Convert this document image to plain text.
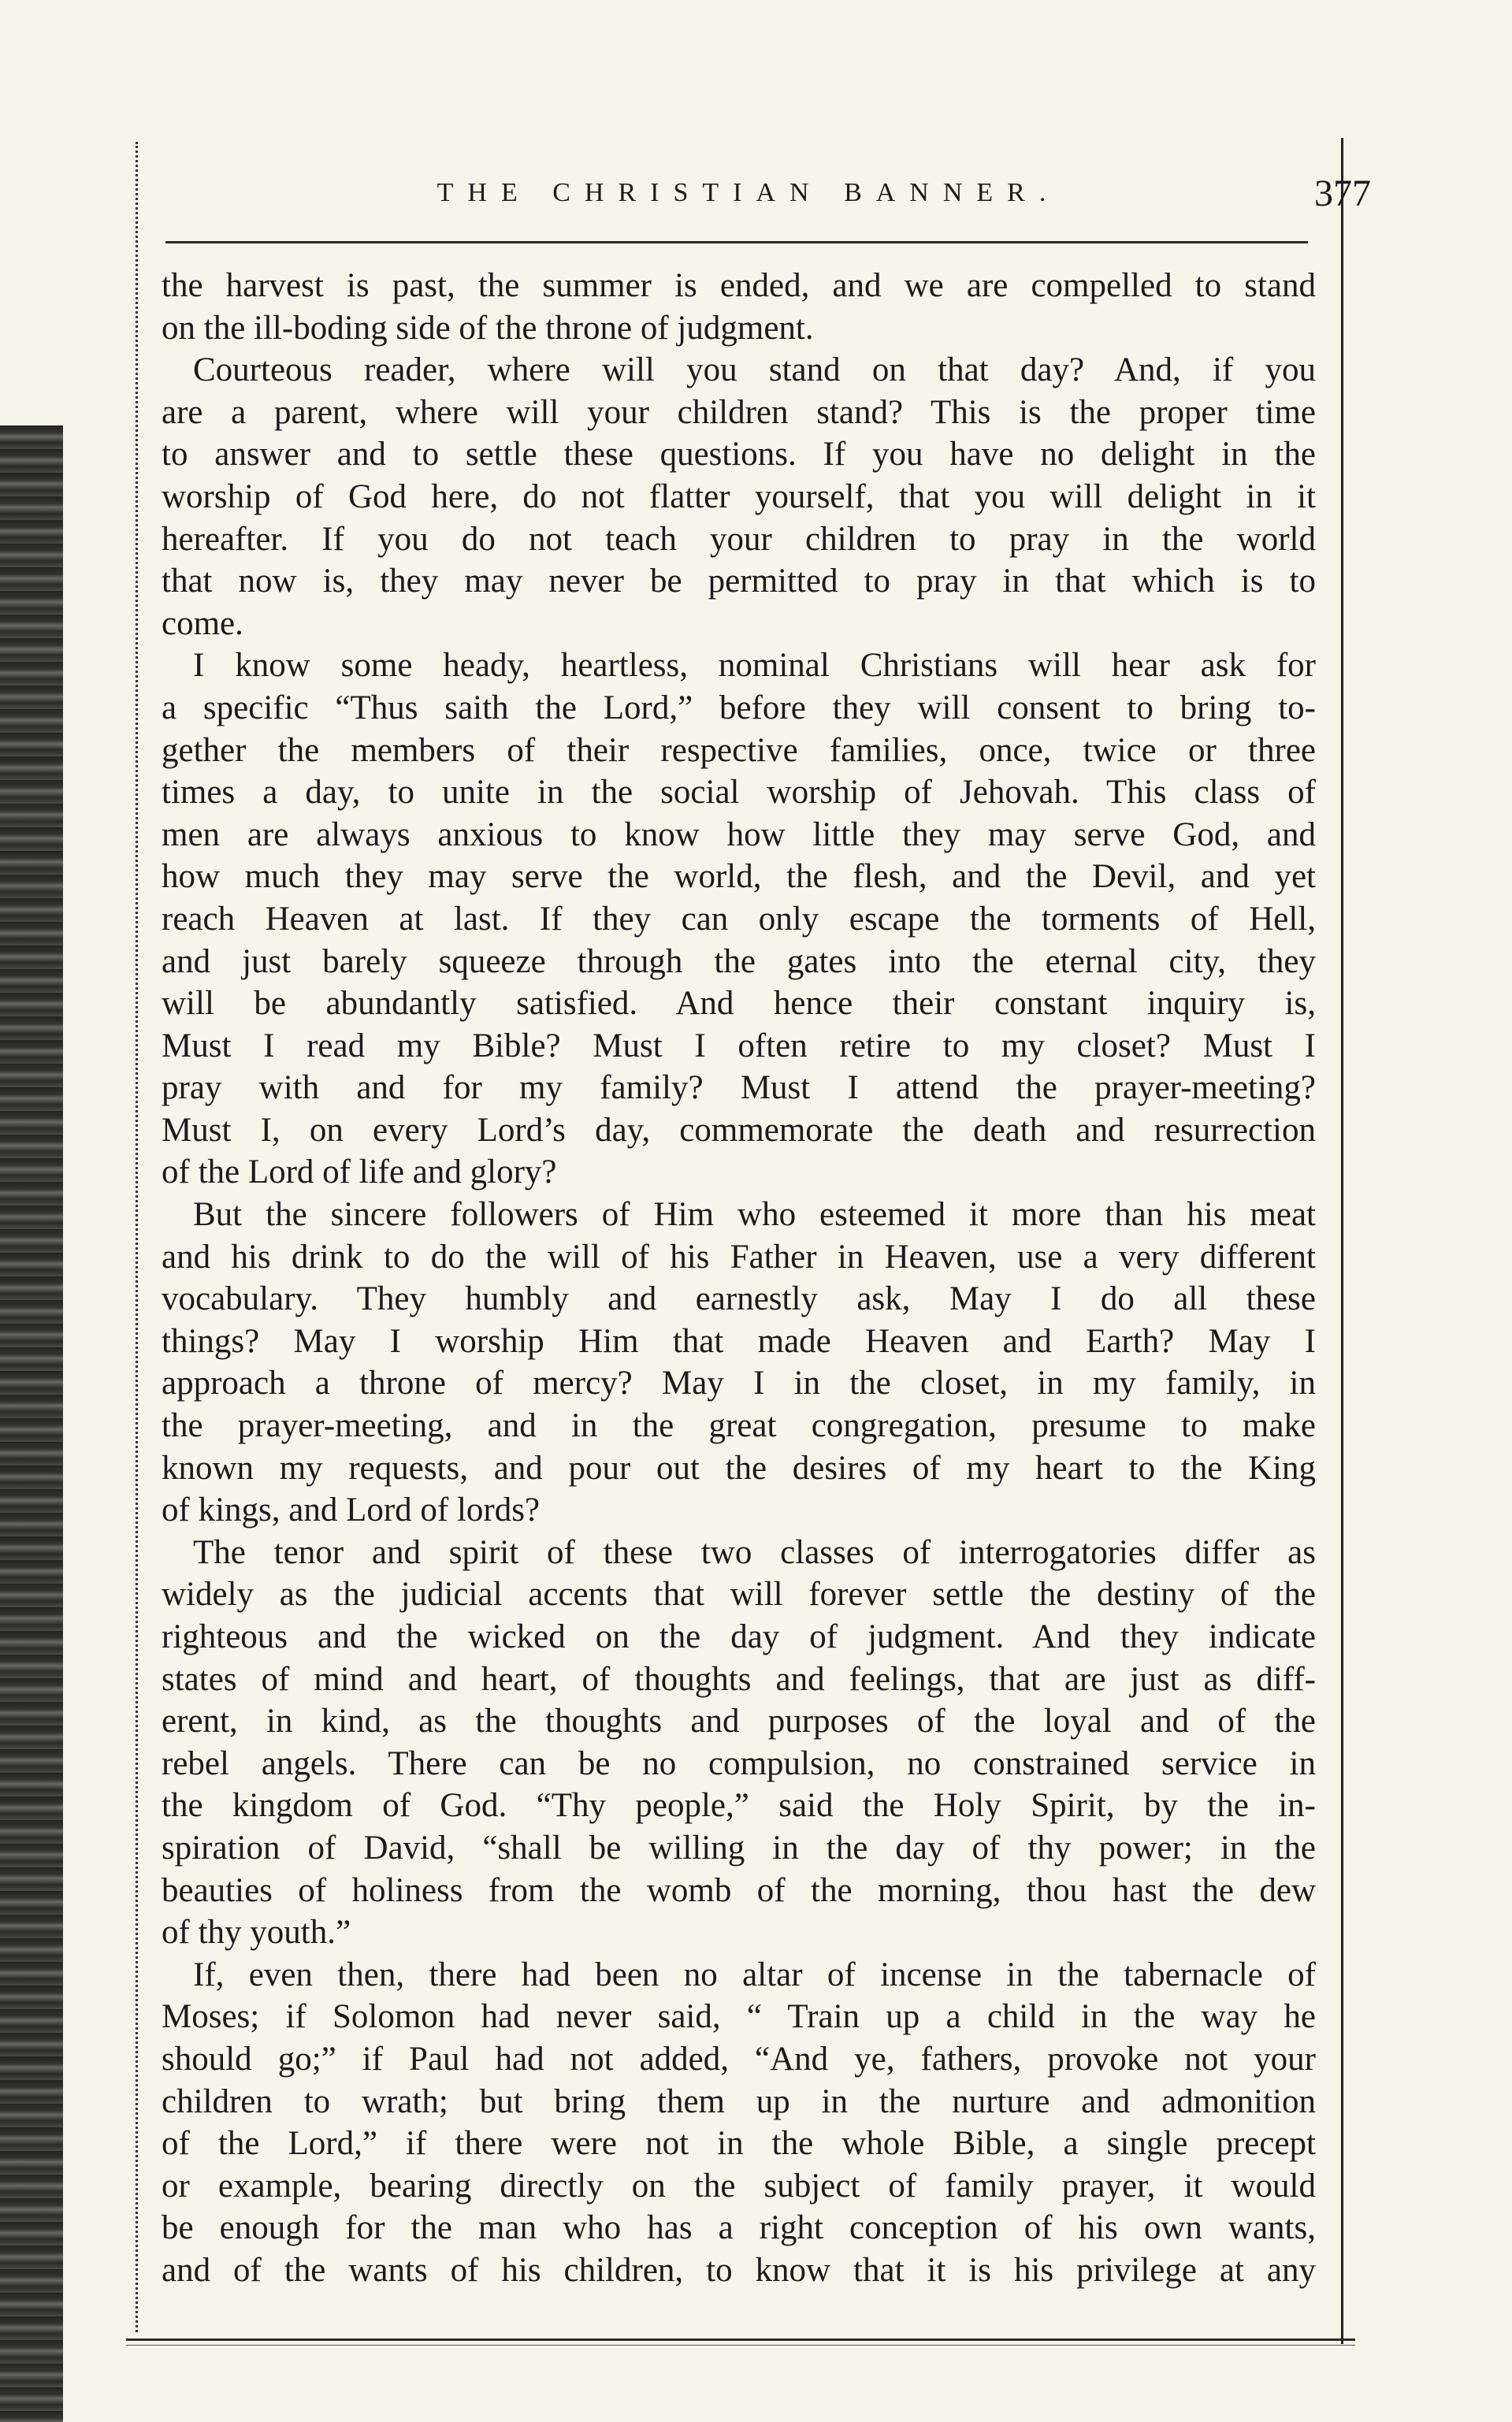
THE CHRISTIAN BANNER.	377
the harvest is past, the summer is ended, and we are compelled to stand
on the ill-boding side of the throne of judgment.
Courteous reader, where will you stand on that day? And, if you
are a parent, where will your children stand? This is the proper time
to answer and to settle these questions. If you have no delight in the
worship of God here, do not flatter yourself, that you will delight in it
hereafter. If you do not teach your children to pray in the world
that now is, they may never be permitted to pray in that which is to
come.
I know some heady, heartless, nominal Christians will hear ask for
a specific “Thus saith the Lord,” before they will consent to bring to-
gether the members of their respective families, once, twice or three
times a day, to unite in the social worship of Jehovah. This class of
men are always anxious to know how little they may serve God, and
how much they may serve the world, the flesh, and the Devil, and yet
reach Heaven at last. If they can only escape the torments of Hell,
and just barely squeeze through the gates into the eternal city, they
will be abundantly satisfied. And hence their constant inquiry is,
Must I read my Bible? Must I often retire to my closet? Must I
pray with and for my family? Must I attend the prayer-meeting?
Must I, on every Lord’s day, commemorate the death and resurrection
of the Lord of life and glory?
But the sincere followers of Him who esteemed it more than his meat
and his drink to do the will of his Father in Heaven, use a very different
vocabulary. They humbly and earnestly ask, May I do all these
things? May I worship Him that made Heaven and Earth? May I
approach a throne of mercy? May I in the closet, in my family, in
the prayer-meeting, and in the great congregation, presume to make
known my requests, and pour out the desires of my heart to the King
of kings, and Lord of lords?
The tenor and spirit of these two classes of interrogatories differ as
widely as the judicial accents that will forever settle the destiny of the
righteous and the wicked on the day of judgment. And they indicate
states of mind and heart, of thoughts and feelings, that are just as diff-
erent, in kind, as the thoughts and purposes of the loyal and of the
rebel angels. There can be no compulsion, no constrained service in
the kingdom of God. “Thy people,” said the Holy Spirit, by the in-
spiration of David, “shall be willing in the day of thy power; in the
beauties of holiness from the womb of the morning, thou hast the dew
of thy youth.”
If, even then, there had been no altar of incense in the tabernacle of
Moses; if Solomon had never said, “ Train up a child in the way he
should go;” if Paul had not added, “And ye, fathers, provoke not your
children to wrath; but bring them up in the nurture and admonition
of the Lord,” if there were not in the whole Bible, a single precept
or example, bearing directly on the subject of family prayer, it would
be enough for the man who has a right conception of his own wants,
and of the wants of his children, to know that it is his privilege at any
